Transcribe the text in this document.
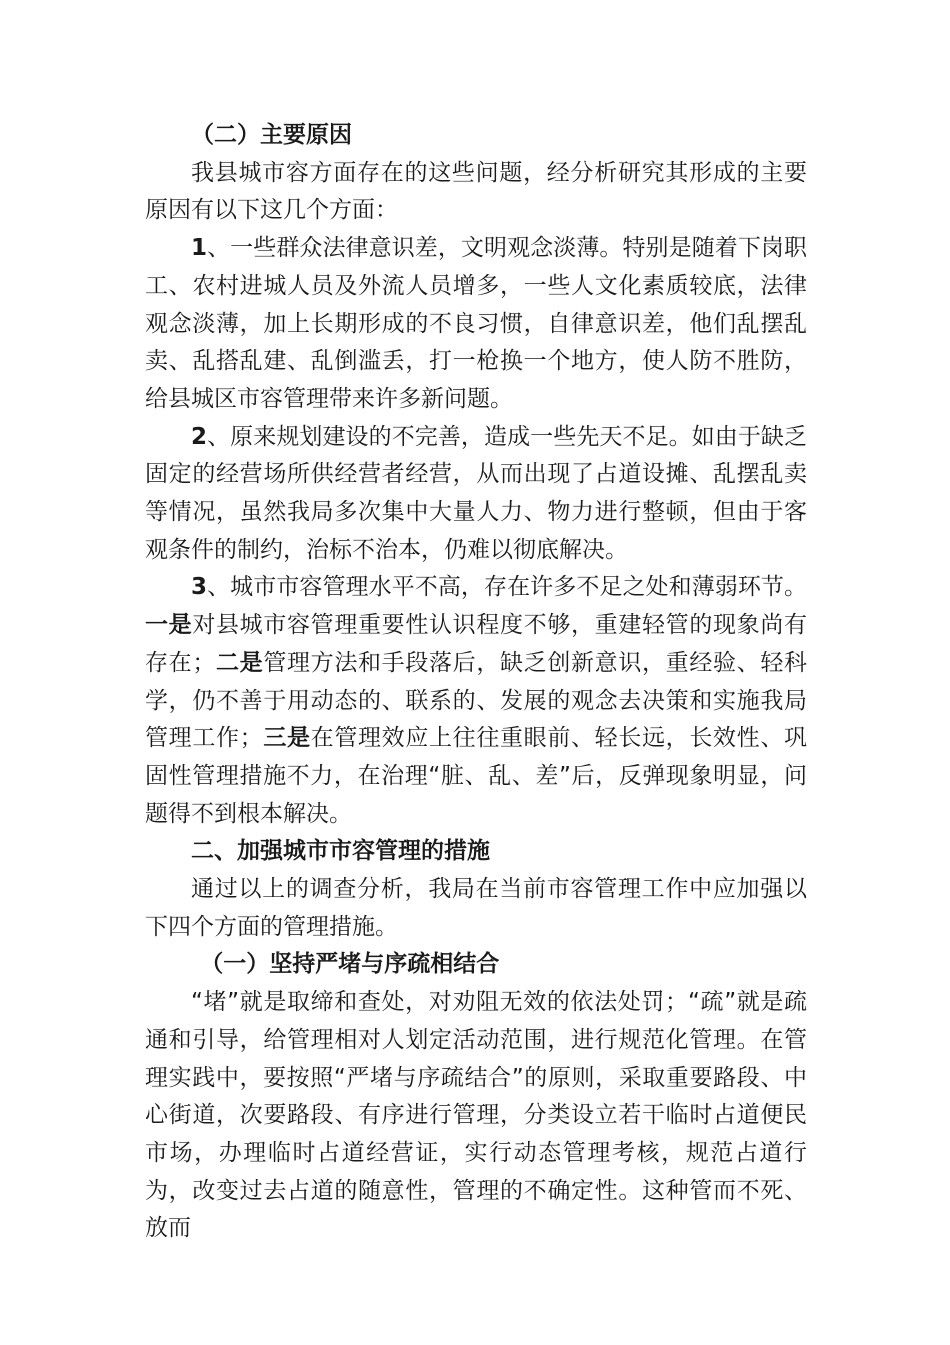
（二）主要原因

我县城市容方面存在的这些问题，经分析研究其形成的主要原因有以下这几个方面：

1、一些群众法律意识差，文明观念淡薄。特别是随着下岗职工、农村进城人员及外流人员增多，一些人文化素质较底，法律观念淡薄，加上长期形成的不良习惯，自律意识差，他们乱摆乱卖、乱搭乱建、乱倒滥丢，打一枪换一个地方，使人防不胜防，给县城区市容管理带来许多新问题。

2、原来规划建设的不完善，造成一些先天不足。如由于缺乏固定的经营场所供经营者经营，从而出现了占道设摊、乱摆乱卖等情况，虽然我局多次集中大量人力、物力进行整顿，但由于客观条件的制约，治标不治本，仍难以彻底解决。

3、城市市容管理水平不高，存在许多不足之处和薄弱环节。一是对县城市容管理重要性认识程度不够，重建轻管的现象尚有存在；二是管理方法和手段落后，缺乏创新意识，重经验、轻科学，仍不善于用动态的、联系的、发展的观念去决策和实施我局管理工作；三是在管理效应上往往重眼前、轻长远，长效性、巩固性管理措施不力，在治理“脏、乱、差”后，反弹现象明显，问题得不到根本解决。

二、加强城市市容管理的措施

通过以上的调查分析，我局在当前市容管理工作中应加强以下四个方面的管理措施。

（一）坚持严堵与序疏相结合

“堵”就是取缔和查处，对劝阻无效的依法处罚；“疏”就是疏通和引导，给管理相对人划定活动范围，进行规范化管理。在管理实践中，要按照“严堵与序疏结合”的原则，采取重要路段、中心街道，次要路段、有序进行管理，分类设立若干临时占道便民市场，办理临时占道经营证，实行动态管理考核，规范占道行为，改变过去占道的随意性，管理的不确定性。这种管而不死、放而
